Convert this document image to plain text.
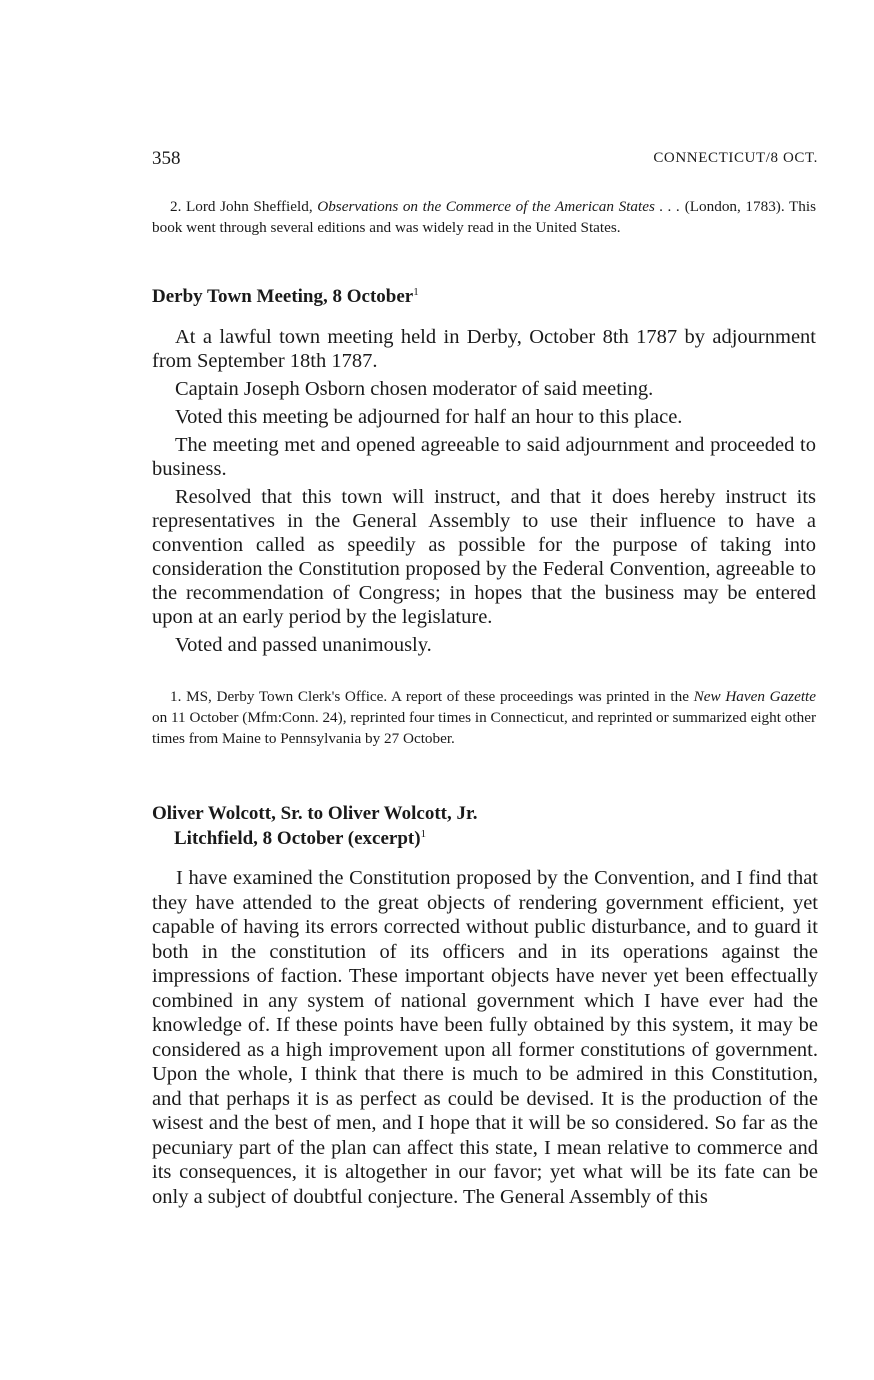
358	CONNECTICUT/8 OCT.
2. Lord John Sheffield, Observations on the Commerce of the American States . . . (London, 1783). This book went through several editions and was widely read in the United States.
Derby Town Meeting, 8 October$^1$

At a lawful town meeting held in Derby, October 8th 1787 by adjournment from September 18th 1787.

Captain Joseph Osborn chosen moderator of said meeting.

Voted this meeting be adjourned for half an hour to this place.

The meeting met and opened agreeable to said adjournment and proceeded to business.

Resolved that this town will instruct, and that it does hereby instruct its representatives in the General Assembly to use their influence to have a convention called as speedily as possible for the purpose of taking into consideration the Constitution proposed by the Federal Convention, agreeable to the recommendation of Congress; in hopes that the business may be entered upon at an early period by the legislature.

Voted and passed unanimously.

1. MS, Derby Town Clerk's Office. A report of these proceedings was printed in the New Haven Gazette on 11 October (Mfm:Conn. 24), reprinted four times in Connecticut, and reprinted or summarized eight other times from Maine to Pennsylvania by 27 October.
Oliver Wolcott, Sr. to Oliver Wolcott, Jr.
Litchfield, 8 October (excerpt)$^1$

I have examined the Constitution proposed by the Convention, and I find that they have attended to the great objects of rendering government efficient, yet capable of having its errors corrected without public disturbance, and to guard it both in the constitution of its officers and in its operations against the impressions of faction. These important objects have never yet been effectually combined in any system of national government which I have ever had the knowledge of. If these points have been fully obtained by this system, it may be considered as a high improvement upon all former constitutions of government. Upon the whole, I think that there is much to be admired in this Constitution, and that perhaps it is as perfect as could be devised. It is the production of the wisest and the best of men, and I hope that it will be so considered. So far as the pecuniary part of the plan can affect this state, I mean relative to commerce and its consequences, it is altogether in our favor; yet what will be its fate can be only a subject of doubtful conjecture. The General Assembly of this
